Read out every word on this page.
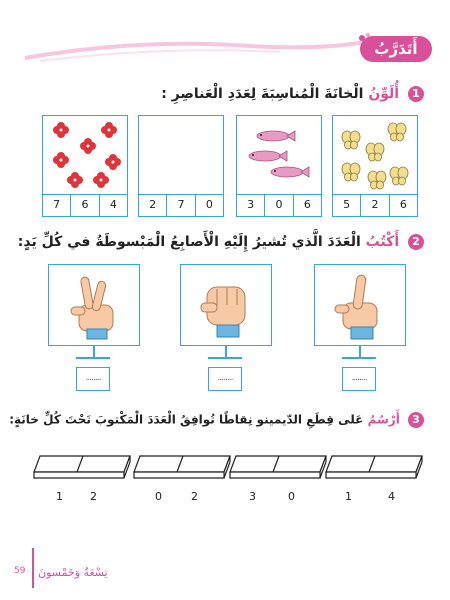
أَتَدَرَّبُ
1 أُلَوِّنُ الْخانَةَ الْمُناسِبَةَ لِعَدَدِ الْعَناصِرِ :
7	6	4	2	7	0	3	0	6	5	2	6
2 أَكْتُبُ الْعَدَدَ الَّذي تُشيرُ إِلَيْهِ الْأَصابِعُ الْمَبْسوطَةُ في كُلِّ يَدٍ:
........	........	........
3 أَرْسُمُ عَلى قِطَعِ الدّيمينو نِقاطًا تُوافِقُ الْعَدَدَ الْمَكْتوبَ تَحْتَ كُلِّ خانَةٍ:
1 2	0	2	3	0	1	4
59 تِسْعَةٌ وَخَمْسونَ
